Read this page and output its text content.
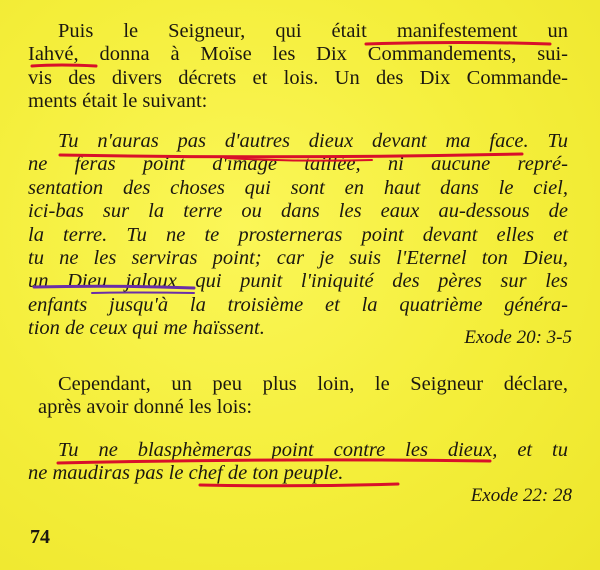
Puis le Seigneur, qui était manifestement un
Iahvé, donna à Moïse les Dix Commandements, sui-
vis des divers décrets et lois. Un des Dix Commande-
ments était le suivant:
Tu n'auras pas d'autres dieux devant ma face. Tu
ne feras point d'image taillée, ni aucune repré-
sentation des choses qui sont en haut dans le ciel,
ici-bas sur la terre ou dans les eaux au-dessous de
la terre. Tu ne te prosterneras point devant elles et
tu ne les serviras point; car je suis l'Eternel ton Dieu,
un Dieu jaloux qui punit l'iniquité des pères sur les
enfants jusqu'à la troisième et la quatrième généra-
tion de ceux qui me haïssent.	Exode 20: 3-5
Cependant, un peu plus loin, le Seigneur déclare,
après avoir donné les lois:
Tu ne blasphèmeras point contre les dieux, et tu
ne maudiras pas le chef de ton peuple.
Exode 22: 28
74
